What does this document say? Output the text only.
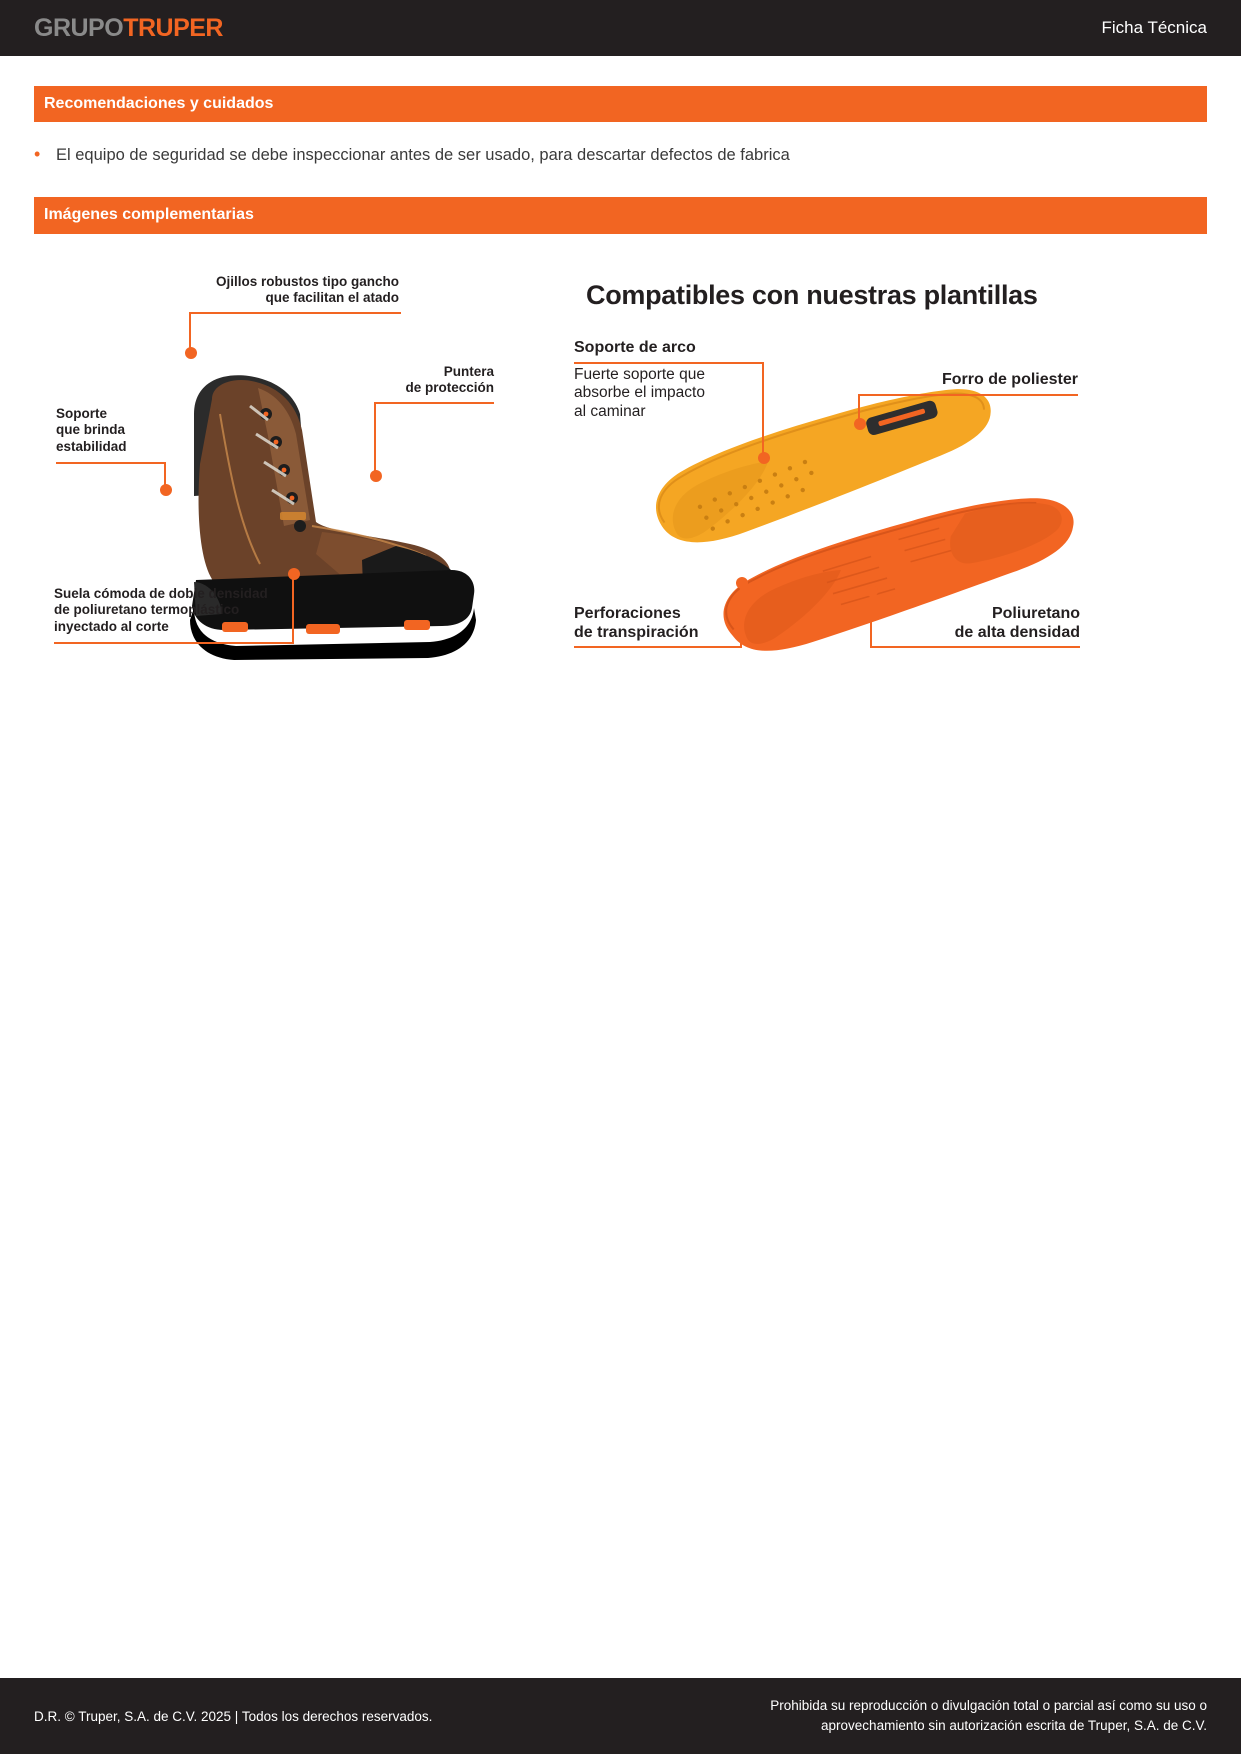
GRUPOTRUPER	Ficha Técnica
Recomendaciones y cuidados
• El equipo de seguridad se debe inspeccionar antes de ser usado, para descartar defectos de fabrica
Imágenes complementarias
Ojillos robustos tipo gancho
que facilitan el atado
Puntera
de protección
Soporte
que brinda
estabilidad
Suela cómoda de doble densidad
de poliuretano termoplástico
inyectado al corte
Compatibles con nuestras plantillas
Soporte de arco
Fuerte soporte que
absorbe el impacto
al caminar
Forro de poliester
Perforaciones
de transpiración
Poliuretano
de alta densidad
D.R. © Truper, S.A. de C.V. 2025 | Todos los derechos reservados.
Prohibida su reproducción o divulgación total o parcial así como su uso o
aprovechamiento sin autorización escrita de Truper, S.A. de C.V.
